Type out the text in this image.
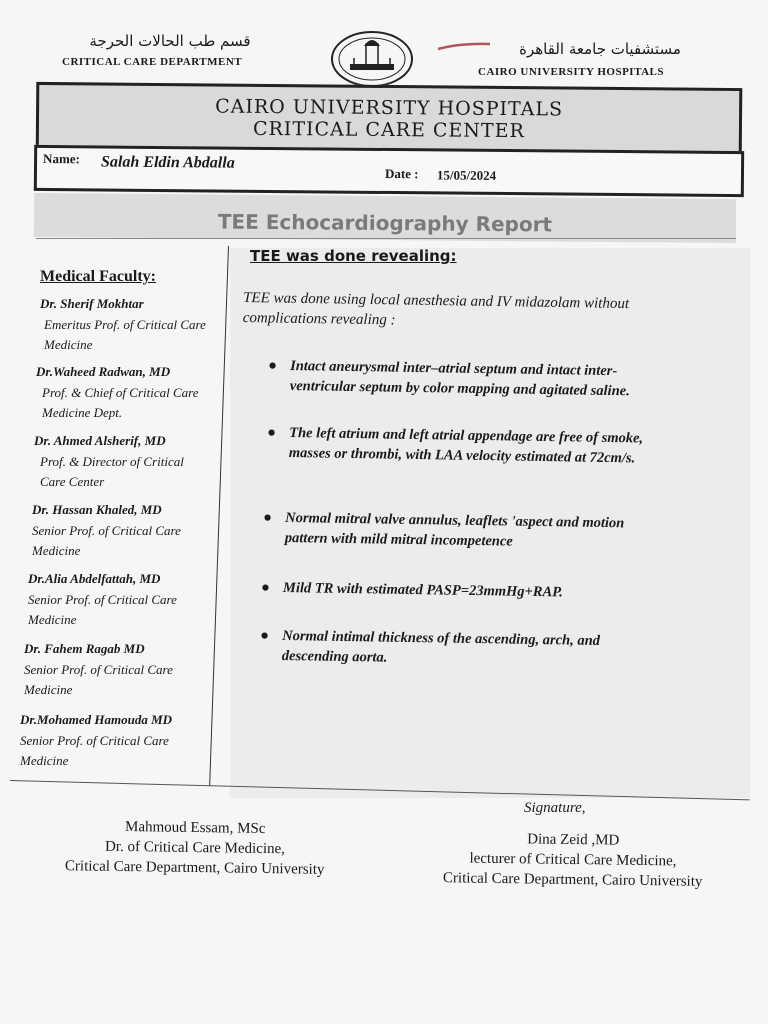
قسم طب الحالات الحرجة
CRITICAL CARE DEPARTMENT
مستشفيات جامعة القاهرة
CAIRO UNIVERSITY HOSPITALS
CAIRO UNIVERSITY HOSPITALS
CRITICAL CARE CENTER
Name: Salah Eldin Abdalla
Date : 15/05/2024
TEE Echocardiography Report
Medical Faculty:
Dr. Sherif Mokhtar
Emeritus Prof. of Critical Care
Medicine
Dr.Waheed Radwan, MD
Prof. & Chief of Critical Care
Medicine Dept.
Dr. Ahmed Alsherif, MD
Prof. & Director of Critical
Care Center
Dr. Hassan Khaled, MD
Senior Prof. of Critical Care
Medicine
Dr.Alia Abdelfattah, MD
Senior Prof. of Critical Care
Medicine
Dr. Fahem Ragab MD
Senior Prof. of Critical Care
Medicine
Dr.Mohamed Hamouda MD
Senior Prof. of Critical Care
Medicine
TEE was done revealing:
TEE was done using local anesthesia and IV midazolam without
complications revealing :
● Intact aneurysmal inter–atrial septum and intact inter-
ventricular septum by color mapping and agitated saline.
● The left atrium and left atrial appendage are free of smoke,
masses or thrombi, with LAA velocity estimated at 72cm/s.
● Normal mitral valve annulus, leaflets 'aspect and motion
pattern with mild mitral incompetence
● Mild TR with estimated PASP=23mmHg+RAP.
● Normal intimal thickness of the ascending, arch, and
descending aorta.
Mahmoud Essam, MSc
Dr. of Critical Care Medicine,
Critical Care Department, Cairo University
Signature,
Dina Zeid ,MD
lecturer of Critical Care Medicine,
Critical Care Department, Cairo University
